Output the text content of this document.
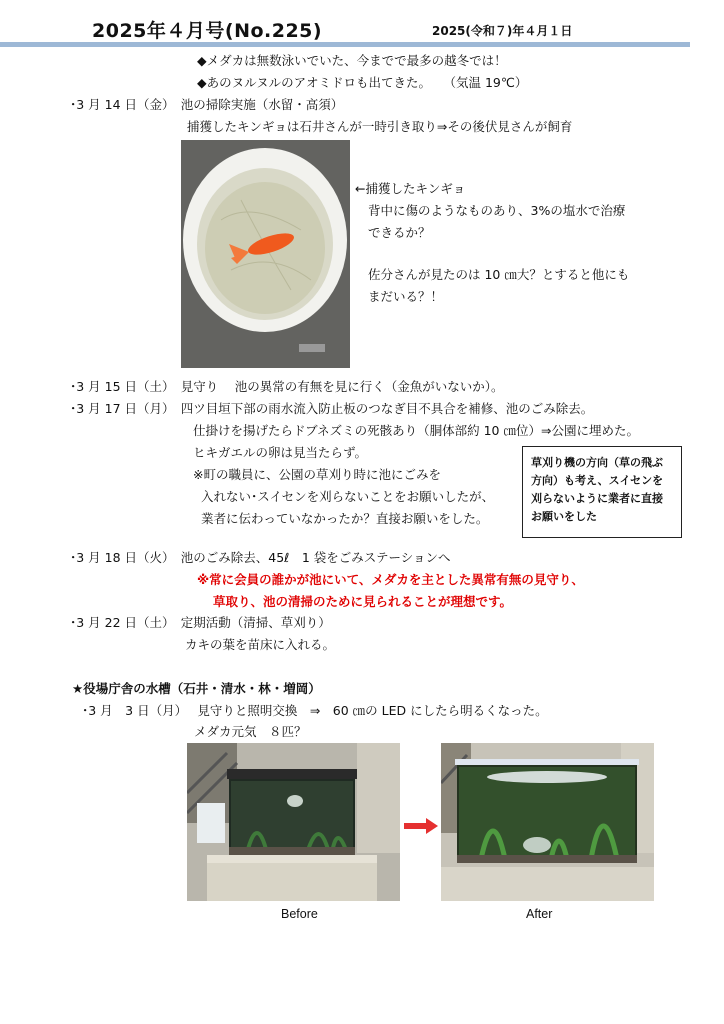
2025年４月号(No.225)	2025(令和７)年４月１日
◆メダカは無数泳いでいた、今までで最多の越冬では！
◆あのヌルヌルのアオミドロも出てきた。　　（気温 19℃）
･3 月 14 日（金）　池の掃除実施（水留・高須）
捕獲したキンギョは石井さんが一時引き取り⇒その後伏見さんが飼育
←捕獲したキンギョ
背中に傷のようなものあり、3%の塩水で治療
できるか？
佐分さんが見たのは 10 ㎝大？とすると他にも
まだいる？！
･3 月 15 日（土）　見守り　 池の異常の有無を見に行く（金魚がいないか）。
･3 月 17 日（月）　四ツ目垣下部の雨水流入防止板のつなぎ目不具合を補修、池のごみ除去。
仕掛けを揚げたらドブネズミの死骸あり（胴体部約 10 ㎝位）⇒公園に埋めた。
ヒキガエルの卵は見当たらず。
※町の職員に、公園の草刈り時に池にごみを
入れない･スイセンを刈らないことをお願いしたが、
業者に伝わっていなかったか？直接お願いをした。
草刈り機の方向（草の飛ぶ方向）も考え、スイセンを刈らないように業者に直接お願いをした
･3 月 18 日（火）　池のごみ除去、45ℓ　1 袋をごみステーションへ
※常に会員の誰かが池にいて、メダカを主とした異常有無の見守り、
草取り、池の清掃のために見られることが理想です。
･3 月 22 日（土）　定期活動（清掃、草刈り）
カキの葉を苗床に入れる。
★役場庁舎の水槽（石井・清水・林・増岡）
･3 月　3 日（月）　 見守りと照明交換　⇒　60 ㎝の LED にしたら明るくなった。
メダカ元気　８匹？
Before	After
